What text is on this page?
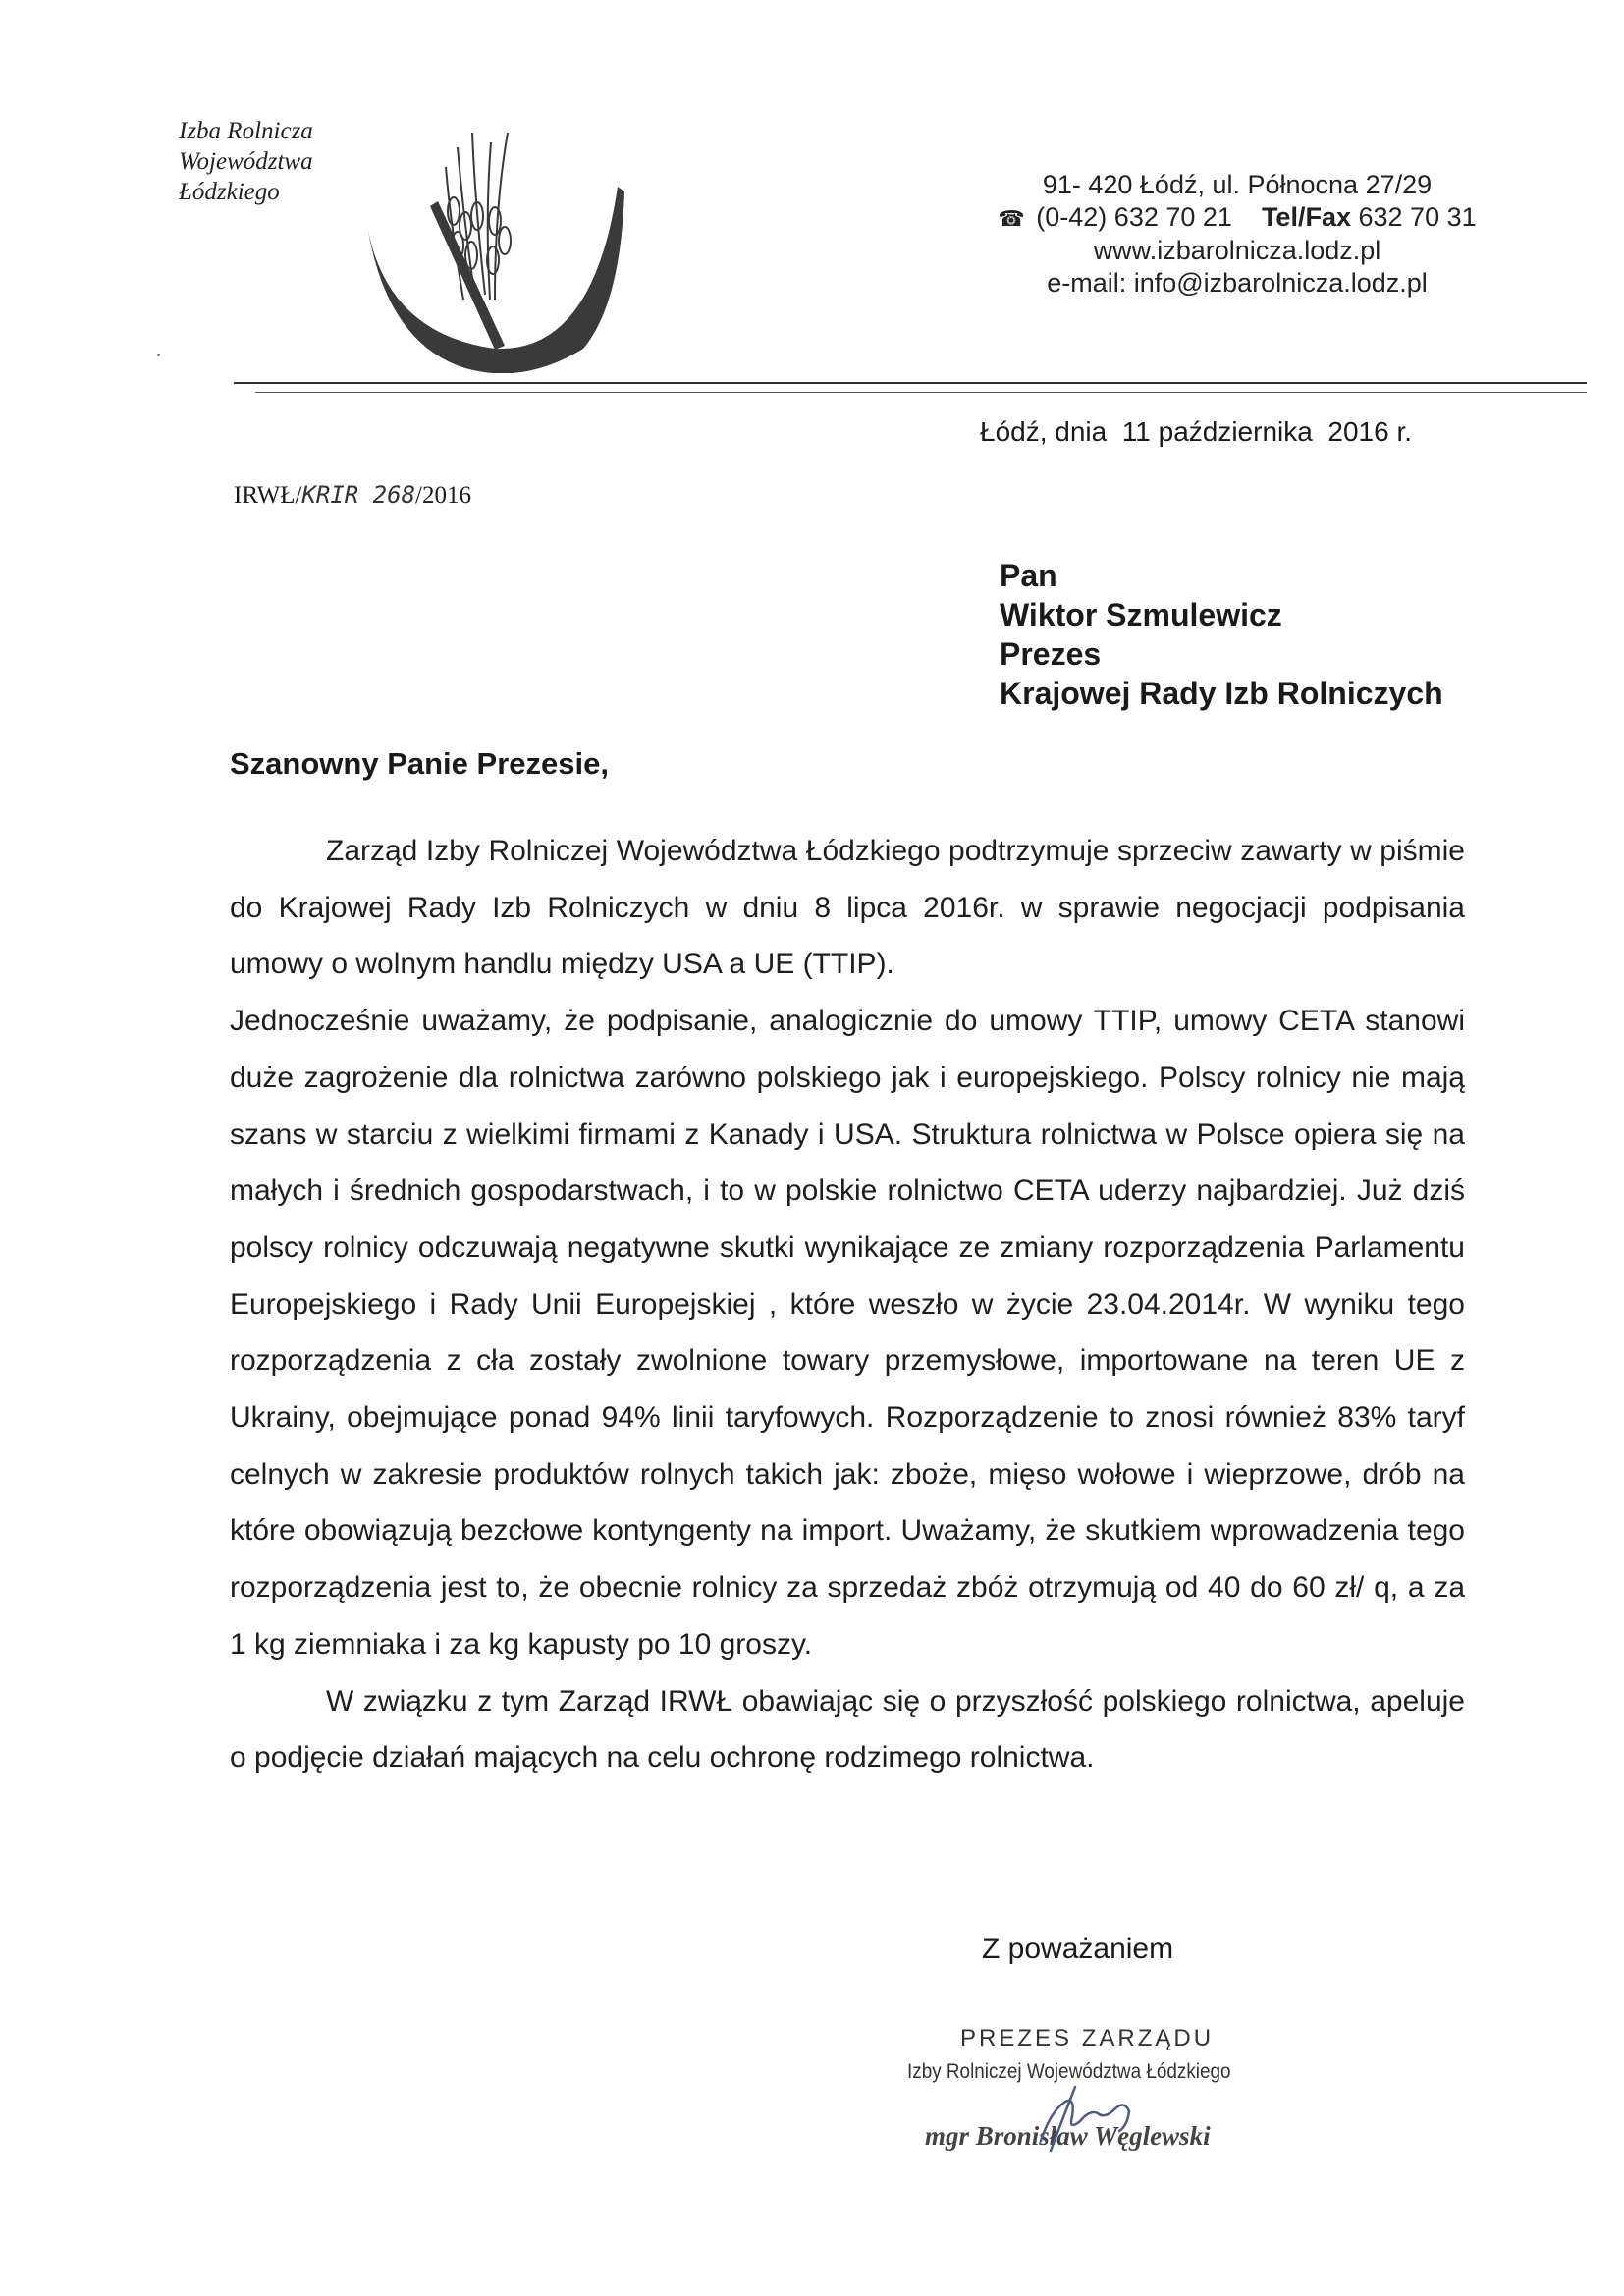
Izba Rolnicza
Województwa
Łódzkiego	91- 420 Łódź, ul. Północna 27/29
☎ (0-42) 632 70 21 Tel/Fax 632 70 31
www.izbarolnicza.lodz.pl
e-mail: info@izbarolnicza.lodz.pl
Łódź, dnia  11 października  2016 r.
IRWŁ/KRIR 268/2016
Pan
Wiktor Szmulewicz
Prezes
Krajowej Rady Izb Rolniczych
Szanowny Panie Prezesie,

Zarząd Izby Rolniczej Województwa Łódzkiego podtrzymuje sprzeciw zawarty w piśmie do Krajowej Rady Izb Rolniczych w dniu 8 lipca 2016r. w sprawie negocjacji podpisania umowy o wolnym handlu między USA a UE (TTIP).

Jednocześnie uważamy, że podpisanie, analogicznie do umowy TTIP, umowy CETA stanowi duże zagrożenie dla rolnictwa zarówno polskiego jak i europejskiego. Polscy rolnicy nie mają szans w starciu z wielkimi firmami z Kanady i USA. Struktura rolnictwa w Polsce opiera się na małych i średnich gospodarstwach, i to w polskie rolnictwo CETA uderzy najbardziej. Już dziś polscy rolnicy odczuwają negatywne skutki wynikające ze zmiany rozporządzenia Parlamentu Europejskiego i Rady Unii Europejskiej , które weszło w życie 23.04.2014r. W wyniku tego rozporządzenia z cła zostały zwolnione towary przemysłowe, importowane na teren UE z Ukrainy, obejmujące ponad 94% linii taryfowych. Rozporządzenie to znosi również 83% taryf celnych w zakresie produktów rolnych takich jak: zboże, mięso wołowe i wieprzowe, drób na które obowiązują bezcłowe kontyngenty na import. Uważamy, że skutkiem wprowadzenia tego rozporządzenia jest to, że obecnie rolnicy za sprzedaż zbóż otrzymują od 40 do 60 zł/ q, a za 1 kg ziemniaka i za kg kapusty po 10 groszy.

W związku z tym Zarząd IRWŁ obawiając się o przyszłość polskiego rolnictwa, apeluje o podjęcie działań mających na celu ochronę rodzimego rolnictwa.

Z poważaniem
PREZES ZARZĄDU
Izby Rolniczej Województwa Łódzkiego
mgr Bronisław Węglewski
